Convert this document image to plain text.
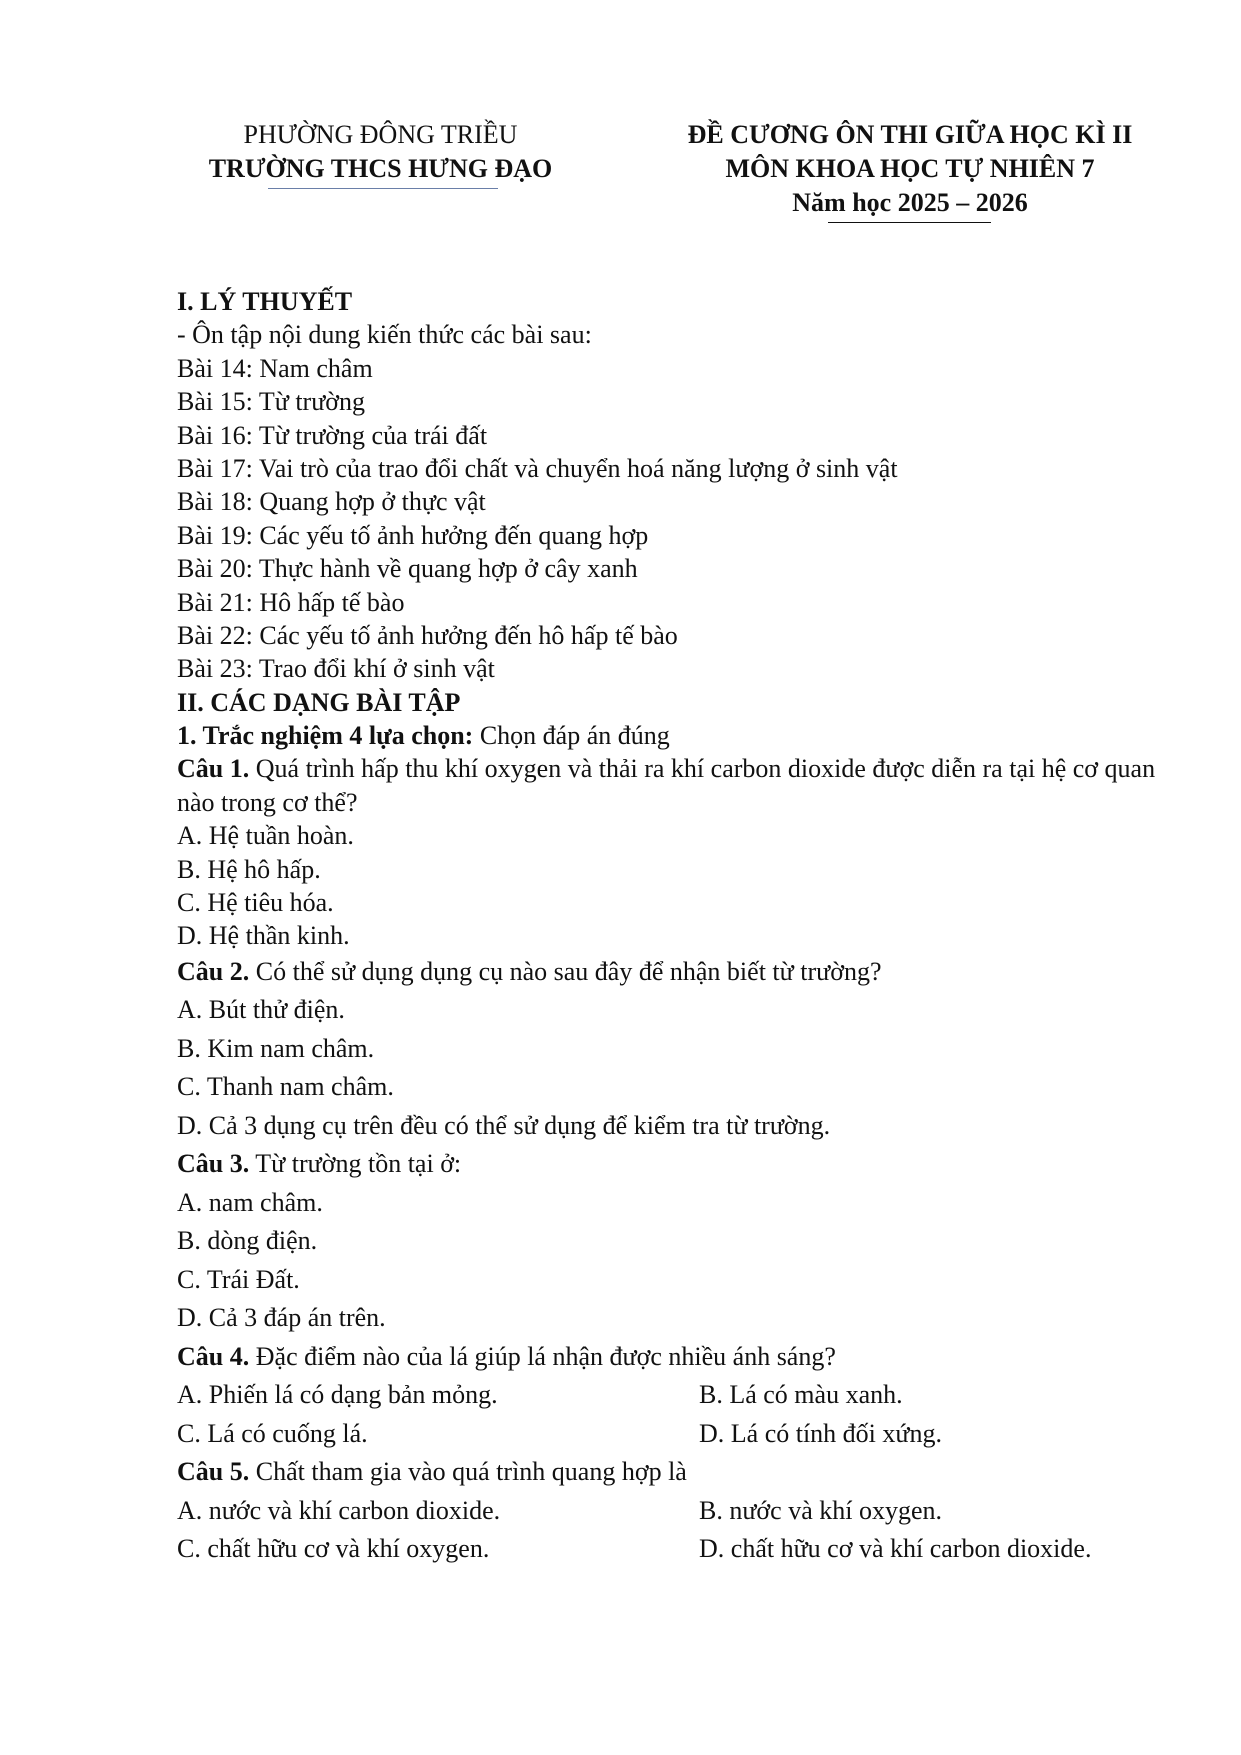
PHƯỜNG ĐÔNG TRIỀU
TRƯỜNG THCS HƯNG ĐẠO
ĐỀ CƯƠNG ÔN THI GIỮA HỌC KÌ II
MÔN KHOA HỌC TỰ NHIÊN 7
Năm học 2025 – 2026
I. LÝ THUYẾT
- Ôn tập nội dung kiến thức các bài sau:
Bài 14: Nam châm
Bài 15: Từ trường
Bài 16: Từ trường của trái đất
Bài 17: Vai trò của trao đổi chất và chuyển hoá năng lượng ở sinh vật
Bài 18: Quang hợp ở thực vật
Bài 19: Các yếu tố ảnh hưởng đến quang hợp
Bài 20: Thực hành về quang hợp ở cây xanh
Bài 21: Hô hấp tế bào
Bài 22: Các yếu tố ảnh hưởng đến hô hấp tế bào
Bài 23: Trao đổi khí ở sinh vật
II. CÁC DẠNG BÀI TẬP
1. Trắc nghiệm 4 lựa chọn: Chọn đáp án đúng
Câu 1. Quá trình hấp thu khí oxygen và thải ra khí carbon dioxide được diễn ra tại hệ cơ quan nào trong cơ thể?
A. Hệ tuần hoàn.
B. Hệ hô hấp.
C. Hệ tiêu hóa.
D. Hệ thần kinh.
Câu 2. Có thể sử dụng dụng cụ nào sau đây để nhận biết từ trường?
A. Bút thử điện.
B. Kim nam châm.
C. Thanh nam châm.
D. Cả 3 dụng cụ trên đều có thể sử dụng để kiểm tra từ trường.
Câu 3. Từ trường tồn tại ở:
A. nam châm.
B. dòng điện.
C. Trái Đất.
D. Cả 3 đáp án trên.
Câu 4. Đặc điểm nào của lá giúp lá nhận được nhiều ánh sáng?
A. Phiến lá có dạng bản mỏng.	B. Lá có màu xanh.
C. Lá có cuống lá.	D. Lá có tính đối xứng.
Câu 5. Chất tham gia vào quá trình quang hợp là
A. nước và khí carbon dioxide.	B. nước và khí oxygen.
C. chất hữu cơ và khí oxygen.	D. chất hữu cơ và khí carbon dioxide.
